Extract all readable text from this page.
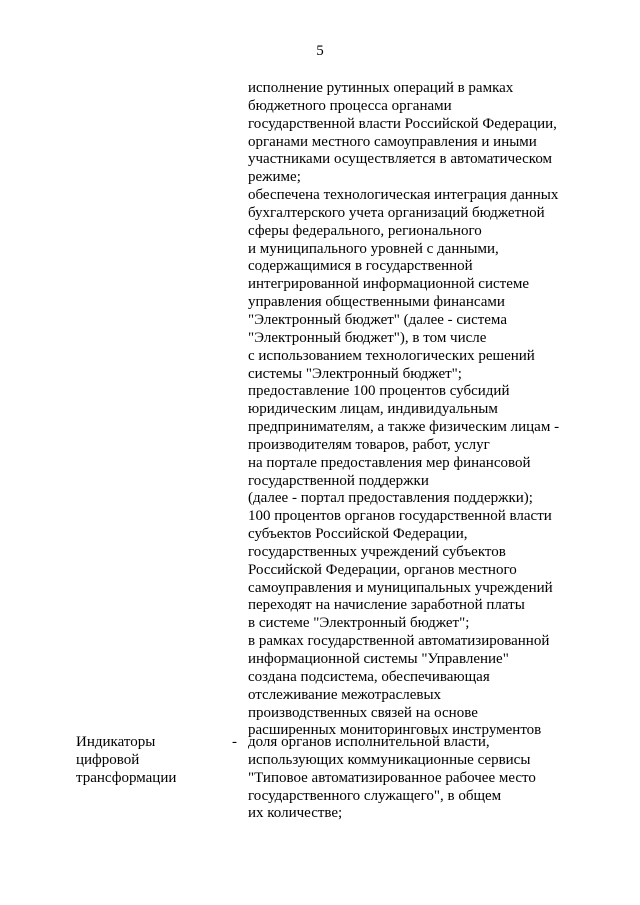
5
исполнение рутинных операций в рамках
бюджетного процесса органами
государственной власти Российской Федерации,
органами местного самоуправления и иными
участниками осуществляется в автоматическом
режиме;
обеспечена технологическая интеграция данных
бухгалтерского учета организаций бюджетной
сферы федерального, регионального
и муниципального уровней с данными,
содержащимися в государственной
интегрированной информационной системе
управления общественными финансами
"Электронный бюджет" (далее - система
"Электронный бюджет"), в том числе
с использованием технологических решений
системы "Электронный бюджет";
предоставление 100 процентов субсидий
юридическим лицам, индивидуальным
предпринимателям, а также физическим лицам -
производителям товаров, работ, услуг
на портале предоставления мер финансовой
государственной поддержки
(далее - портал предоставления поддержки);
100 процентов органов государственной власти
субъектов Российской Федерации,
государственных учреждений субъектов
Российской Федерации, органов местного
самоуправления и муниципальных учреждений
переходят на начисление заработной платы
в системе "Электронный бюджет";
в рамках государственной автоматизированной
информационной системы "Управление"
создана подсистема, обеспечивающая
отслеживание межотраслевых
производственных связей на основе
расширенных мониторинговых инструментов
Индикаторы
цифровой
трансформации
- доля органов исполнительной власти,
использующих коммуникационные сервисы
"Типовое автоматизированное рабочее место
государственного служащего", в общем
их количестве;
